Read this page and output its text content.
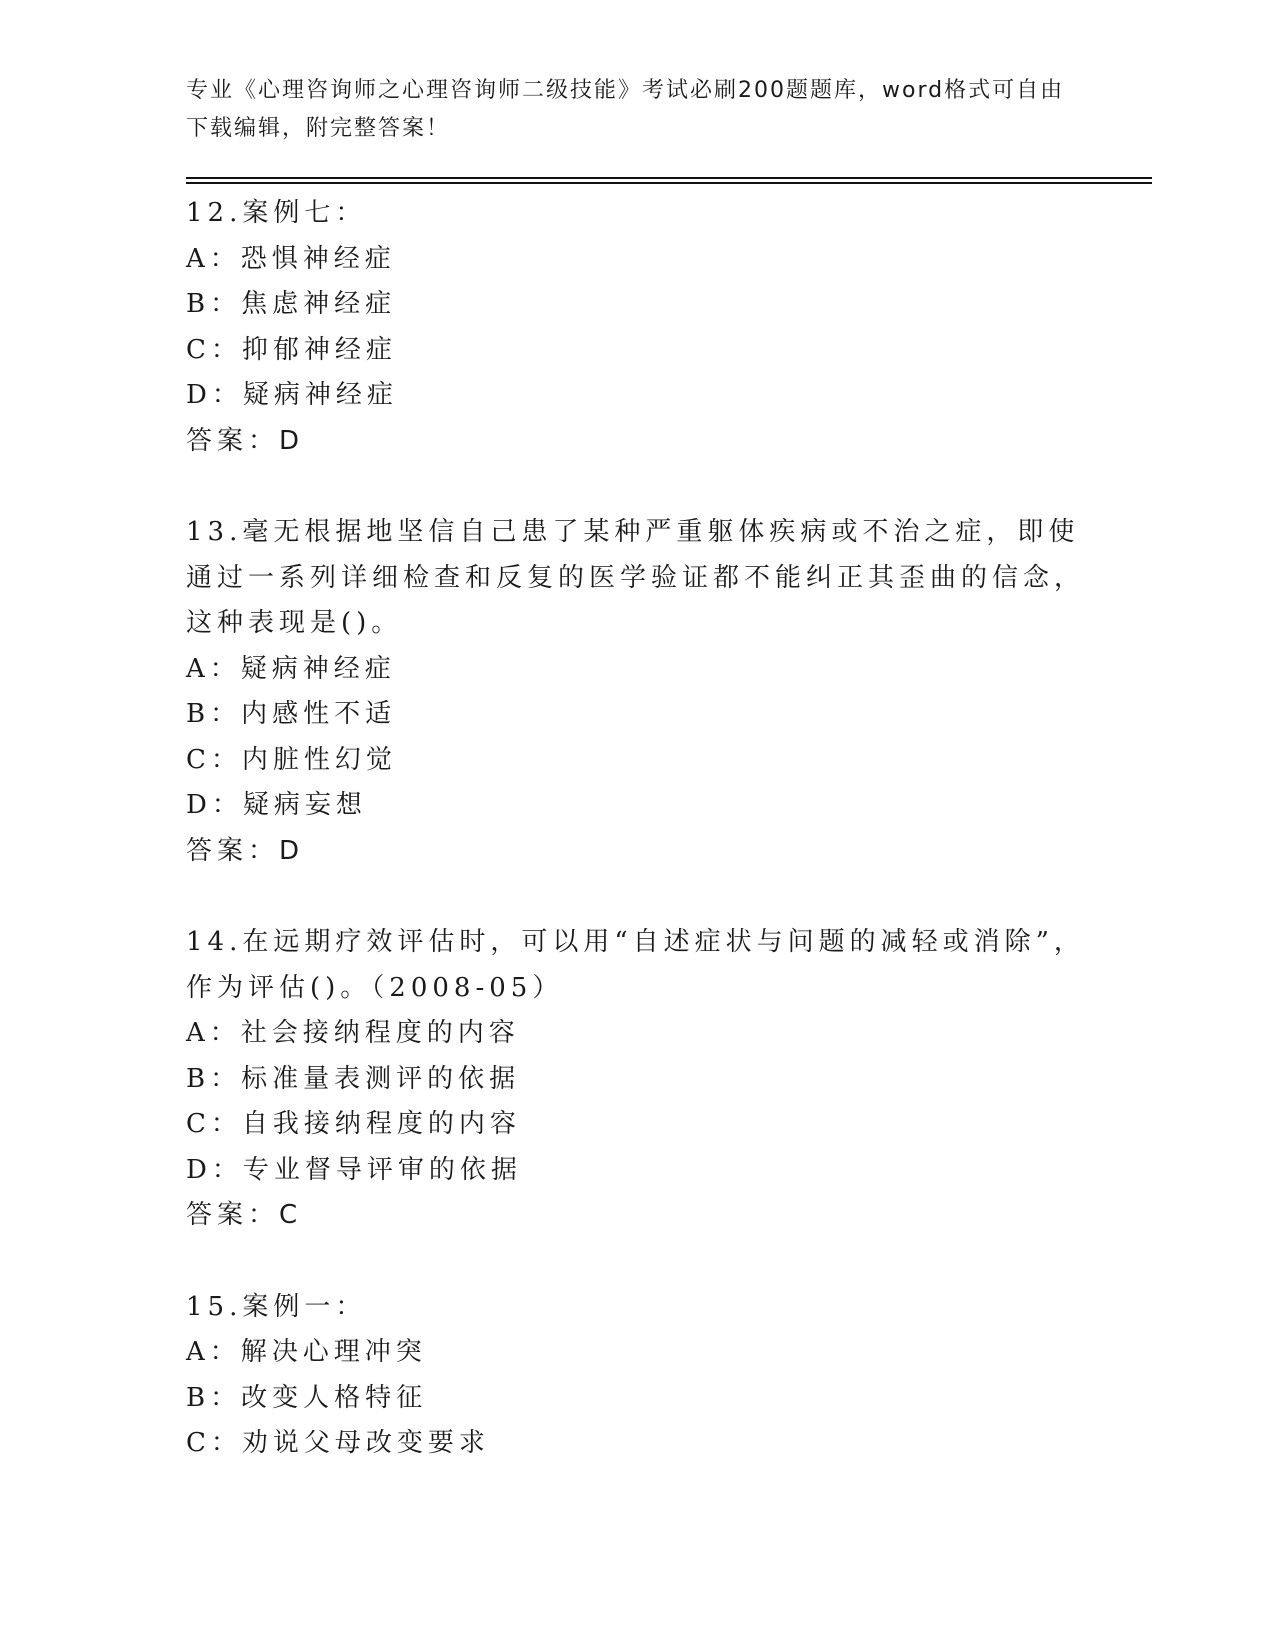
专业《心理咨询师之心理咨询师二级技能》考试必刷200题题库，word格式可自由下载编辑，附完整答案！

12.案例七：

A：恐惧神经症

B：焦虑神经症

C：抑郁神经症

D：疑病神经症

答案：D

13.毫无根据地坚信自己患了某种严重躯体疾病或不治之症，即使通过一系列详细检查和反复的医学验证都不能纠正其歪曲的信念，这种表现是()。

A：疑病神经症

B：内感性不适

C：内脏性幻觉

D：疑病妄想

答案：D

14.在远期疗效评估时，可以用“自述症状与问题的减轻或消除”，作为评估()。（2008-05）

A：社会接纳程度的内容

B：标准量表测评的依据

C：自我接纳程度的内容

D：专业督导评审的依据

答案：C

15.案例一：

A：解决心理冲突

B：改变人格特征

C：劝说父母改变要求
